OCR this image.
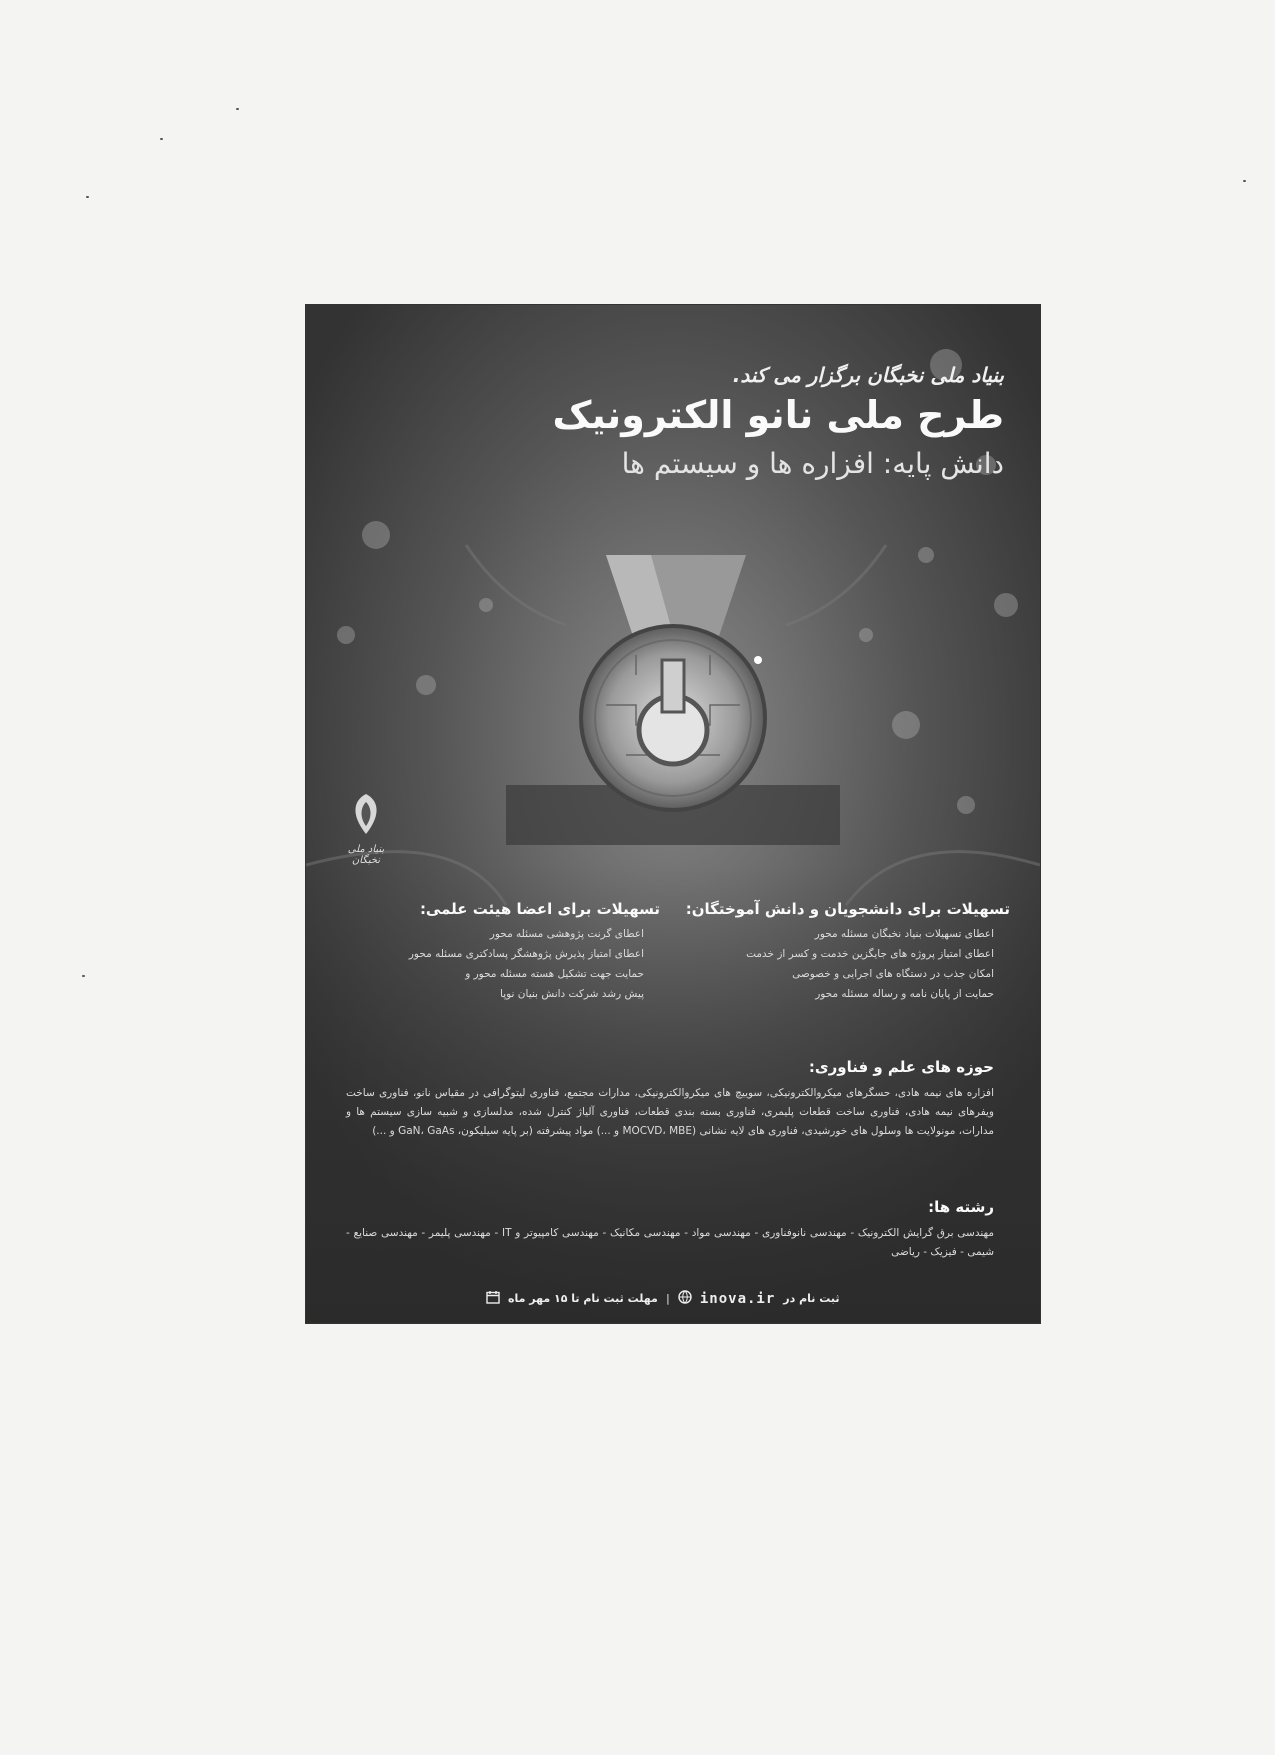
بنیاد ملی نخبگان برگزار می کند.
طرح ملی نانو الکترونیک
دانش پایه: افزاره ها و سیستم ها
بنیاد ملی نخبگان
تسهیلات برای دانشجویان و دانش آموختگان:
● اعطای تسهیلات بنیاد نخبگان مسئله محور
● اعطای امتیاز پروژه های جایگزین خدمت و کسر از خدمت
● امکان جذب در دستگاه های اجرایی و خصوصی
● حمایت از پایان نامه و رساله مسئله محور
تسهیلات برای اعضا هیئت علمی:
● اعطای گرنت پژوهشی مسئله محور
● اعطای امتیاز پذیرش پژوهشگر پسادکتری مسئله محور
● حمایت جهت تشکیل هسته مسئله محور و
پیش رشد شرکت دانش بنیان نوپا
حوزه های علم و فناوری:

افزاره های نیمه هادی، حسگرهای میکروالکترونیکی، سوییچ های میکروالکترونیکی، مدارات مجتمع، فناوری لیتوگرافی در مقیاس نانو، فناوری ساخت ویفرهای نیمه هادی، فناوری ساخت قطعات پلیمری، فناوری بسته بندی قطعات، فناوری آلیاژ کنترل شده، مدلسازی و شبیه سازی سیستم ها و مدارات، مونولایت ها وسلول های خورشیدی، فناوری های لایه نشانی (MOCVD، MBE و ...) مواد پیشرفته (بر پایه سیلیکون، GaN، GaAs و ...)

رشته ها:

مهندسی برق گرایش الکترونیک - مهندسی نانوفناوری - مهندسی مواد - مهندسی مکانیک - مهندسی کامپیوتر و IT - مهندسی پلیمر - مهندسی صنایع - شیمی - فیزیک - ریاضی

ثبت نام در
inova.ir
|
مهلت ثبت نام تا ۱۵ مهر ماه
